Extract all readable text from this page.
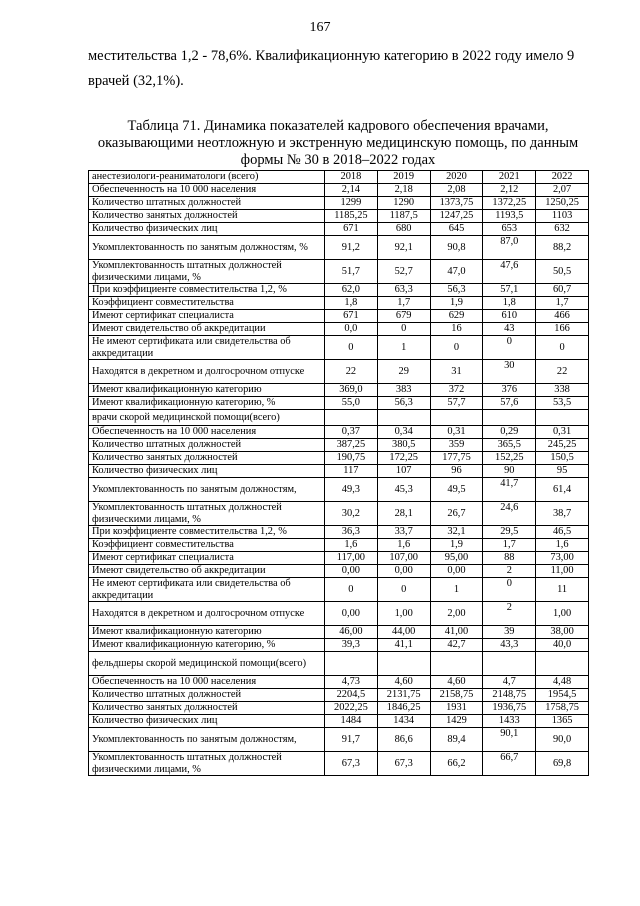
167
местительства 1,2 - 78,6%. Квалификационную категорию в 2022 году имело 9 врачей (32,1%).
Таблица 71. Динамика показателей кадрового обеспечения врачами, оказывающими неотложную и экстренную медицинскую помощь, по данным формы № 30 в 2018–2022 годах
анестезиологи-реаниматологи (всего)	2018	2019	2020	2021	2022
Обеспеченность на 10 000 населения	2,14	2,18	2,08	2,12	2,07
Количество штатных должностей	1299	1290	1373,75	1372,25	1250,25
Количество занятых должностей	1185,25	1187,5	1247,25	1193,5	1103
Количество физических лиц	671	680	645	653	632
Укомплектованность по занятым должностям, %	91,2	92,1	90,8	87,0	88,2
Укомплектованность штатных должностей физическими лицами, %	51,7	52,7	47,0	47,6	50,5
При коэффициенте совместительства 1,2, %	62,0	63,3	56,3	57,1	60,7
Коэффициент совместительства	1,8	1,7	1,9	1,8	1,7
Имеют сертификат специалиста	671	679	629	610	466
Имеют свидетельство об аккредитации	0,0	0	16	43	166
Не имеют сертификата или свидетельства об аккредитации	0	1	0	0	0
Находятся в декретном и долгосрочном отпуске	22	29	31	30	22
Имеют квалификационную категорию	369,0	383	372	376	338
Имеют квалификационную категорию, %	55,0	56,3	57,7	57,6	53,5
врачи скорой медицинской помощи(всего)					
Обеспеченность на 10 000 населения	0,37	0,34	0,31	0,29	0,31
Количество штатных должностей	387,25	380,5	359	365,5	245,25
Количество занятых должностей	190,75	172,25	177,75	152,25	150,5
Количество физических лиц	117	107	96	90	95
Укомплектованность по занятым должностям,	49,3	45,3	49,5	41,7	61,4
Укомплектованность штатных должностей физическими лицами, %	30,2	28,1	26,7	24,6	38,7
При коэффициенте совместительства 1,2, %	36,3	33,7	32,1	29,5	46,5
Коэффициент совместительства	1,6	1,6	1,9	1,7	1,6
Имеют сертификат специалиста	117,00	107,00	95,00	88	73,00
Имеют свидетельство об аккредитации	0,00	0,00	0,00	2	11,00
Не имеют сертификата или свидетельства об аккредитации	0	0	1	0	11
Находятся в декретном и долгосрочном отпуске	0,00	1,00	2,00	2	1,00
Имеют квалификационную категорию	46,00	44,00	41,00	39	38,00
Имеют квалификационную категорию, %	39,3	41,1	42,7	43,3	40,0
фельдшеры скорой медицинской помощи(всего)					
Обеспеченность на 10 000 населения	4,73	4,60	4,60	4,7	4,48
Количество штатных должностей	2204,5	2131,75	2158,75	2148,75	1954,5
Количество занятых должностей	2022,25	1846,25	1931	1936,75	1758,75
Количество физических лиц	1484	1434	1429	1433	1365
Укомплектованность по занятым должностям,	91,7	86,6	89,4	90,1	90,0
Укомплектованность штатных должностей физическими лицами, %	67,3	67,3	66,2	66,7	69,8
